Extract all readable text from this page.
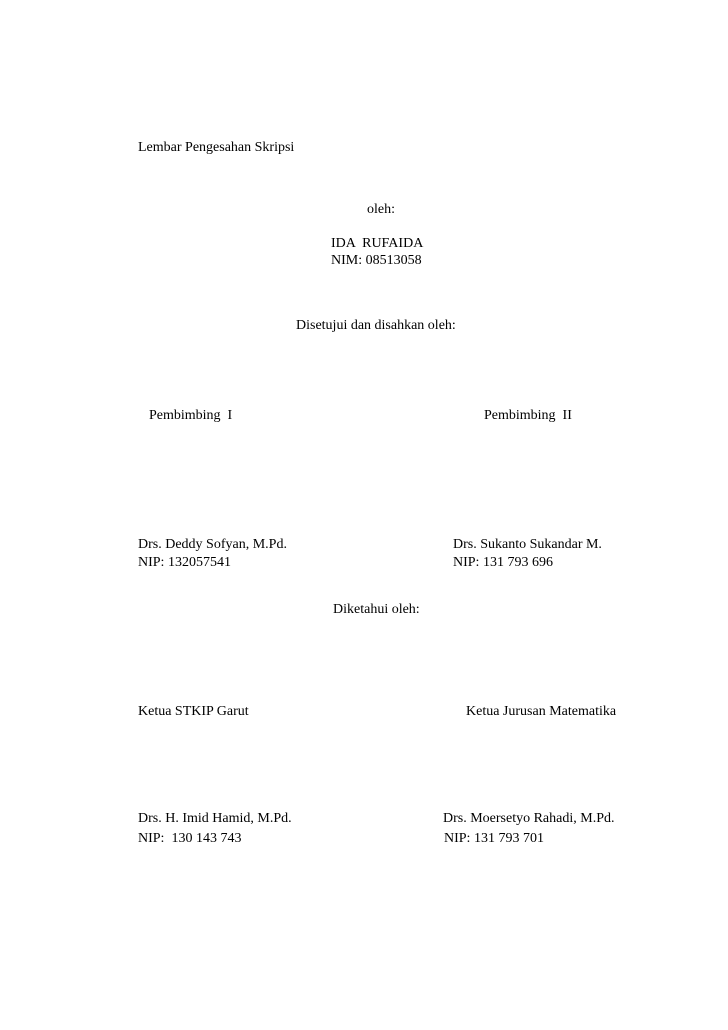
Lembar Pengesahan Skripsi
oleh:
IDA  RUFAIDA
NIM: 08513058
Disetujui dan disahkan oleh:
Pembimbing  I	Pembimbing  II
Drs. Deddy Sofyan, M.Pd.
NIP: 132057541
Drs. Sukanto Sukandar M.
NIP: 131 793 696
Diketahui oleh:
Ketua STKIP Garut	Ketua Jurusan Matematika
Drs. H. Imid Hamid, M.Pd.
NIP:  130 143 743
Drs. Moersetyo Rahadi, M.Pd.
NIP: 131 793 701
